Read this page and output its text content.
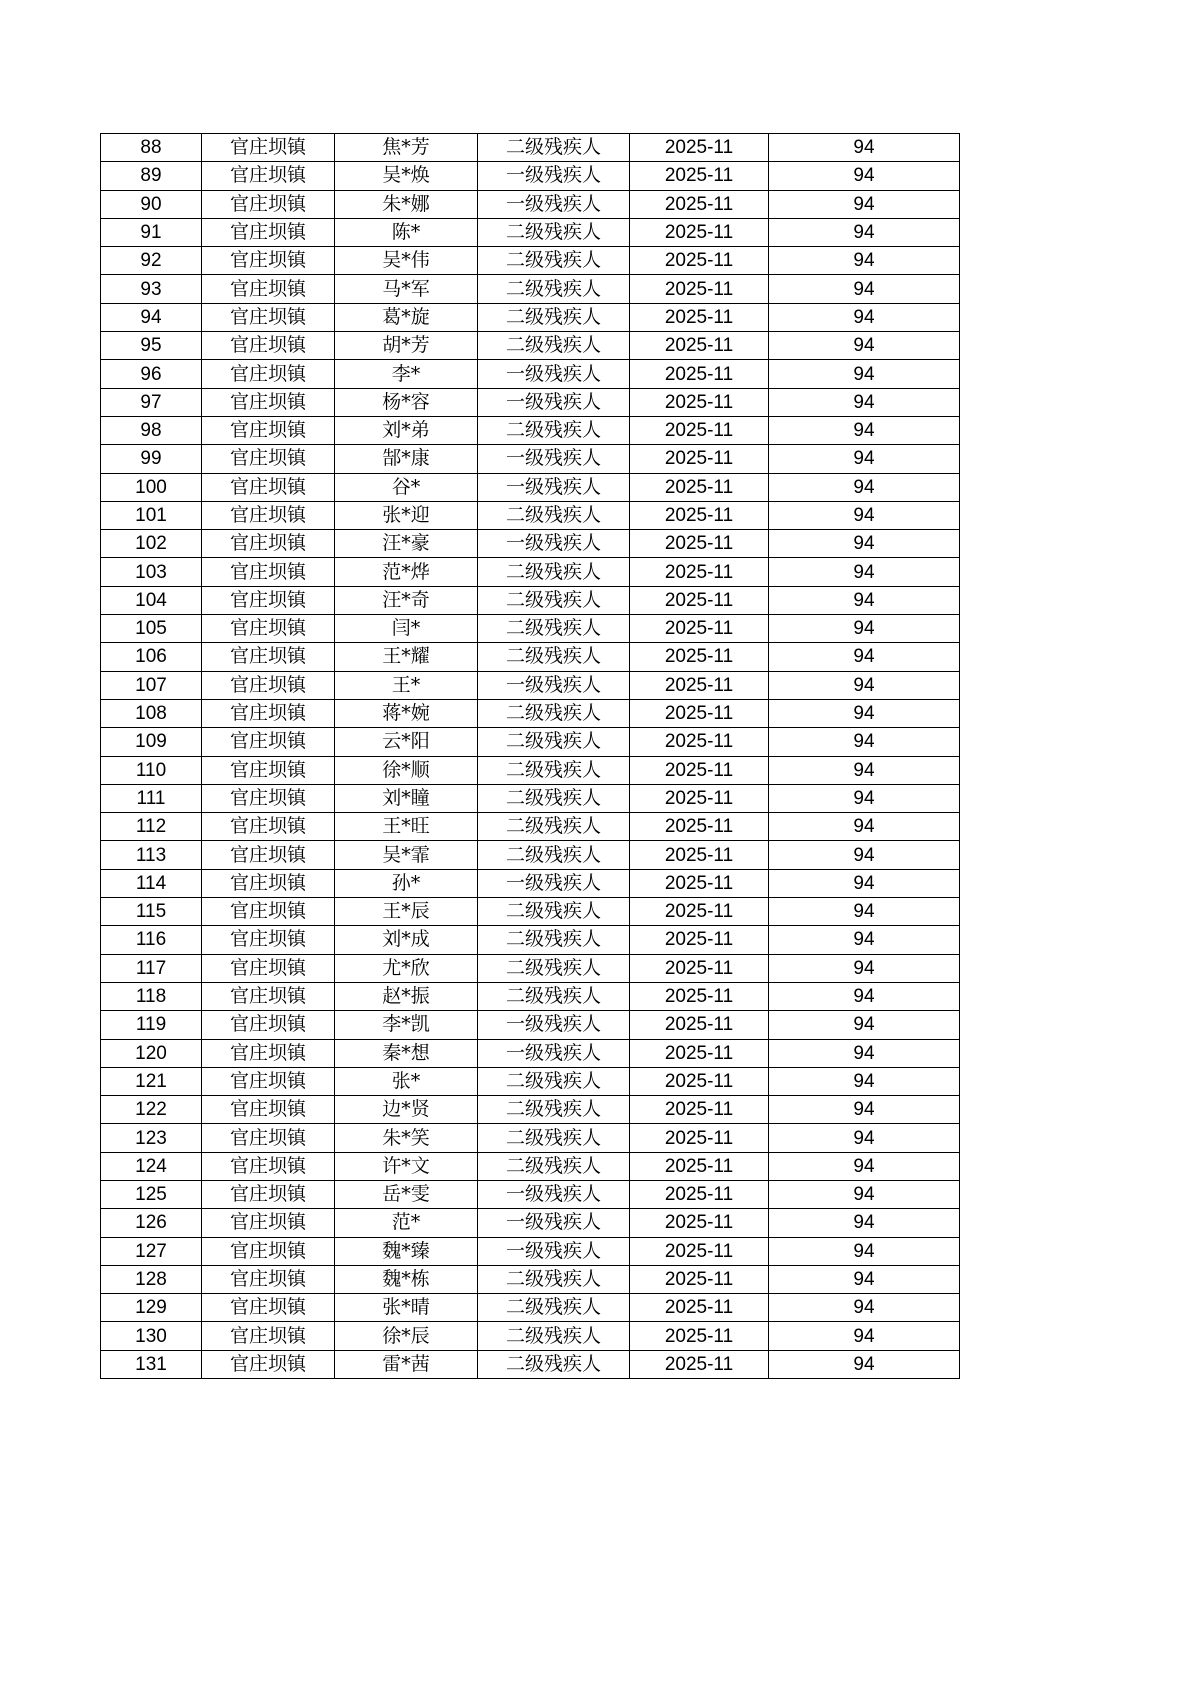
88	官庄坝镇	焦*芳	二级残疾人	2025-11	94
89	官庄坝镇	吴*焕	一级残疾人	2025-11	94
90	官庄坝镇	朱*娜	一级残疾人	2025-11	94
91	官庄坝镇	陈*	二级残疾人	2025-11	94
92	官庄坝镇	吴*伟	二级残疾人	2025-11	94
93	官庄坝镇	马*军	二级残疾人	2025-11	94
94	官庄坝镇	葛*旋	二级残疾人	2025-11	94
95	官庄坝镇	胡*芳	二级残疾人	2025-11	94
96	官庄坝镇	李*	一级残疾人	2025-11	94
97	官庄坝镇	杨*容	一级残疾人	2025-11	94
98	官庄坝镇	刘*弟	二级残疾人	2025-11	94
99	官庄坝镇	郜*康	一级残疾人	2025-11	94
100	官庄坝镇	谷*	一级残疾人	2025-11	94
101	官庄坝镇	张*迎	二级残疾人	2025-11	94
102	官庄坝镇	汪*豪	一级残疾人	2025-11	94
103	官庄坝镇	范*烨	二级残疾人	2025-11	94
104	官庄坝镇	汪*奇	二级残疾人	2025-11	94
105	官庄坝镇	闫*	二级残疾人	2025-11	94
106	官庄坝镇	王*耀	二级残疾人	2025-11	94
107	官庄坝镇	王*	一级残疾人	2025-11	94
108	官庄坝镇	蒋*婉	二级残疾人	2025-11	94
109	官庄坝镇	云*阳	二级残疾人	2025-11	94
110	官庄坝镇	徐*顺	二级残疾人	2025-11	94
111	官庄坝镇	刘*瞳	二级残疾人	2025-11	94
112	官庄坝镇	王*旺	二级残疾人	2025-11	94
113	官庄坝镇	吴*霏	二级残疾人	2025-11	94
114	官庄坝镇	孙*	一级残疾人	2025-11	94
115	官庄坝镇	王*辰	二级残疾人	2025-11	94
116	官庄坝镇	刘*成	二级残疾人	2025-11	94
117	官庄坝镇	尤*欣	二级残疾人	2025-11	94
118	官庄坝镇	赵*振	二级残疾人	2025-11	94
119	官庄坝镇	李*凯	一级残疾人	2025-11	94
120	官庄坝镇	秦*想	一级残疾人	2025-11	94
121	官庄坝镇	张*	二级残疾人	2025-11	94
122	官庄坝镇	边*贤	二级残疾人	2025-11	94
123	官庄坝镇	朱*笑	二级残疾人	2025-11	94
124	官庄坝镇	许*文	二级残疾人	2025-11	94
125	官庄坝镇	岳*雯	一级残疾人	2025-11	94
126	官庄坝镇	范*	一级残疾人	2025-11	94
127	官庄坝镇	魏*臻	一级残疾人	2025-11	94
128	官庄坝镇	魏*栋	二级残疾人	2025-11	94
129	官庄坝镇	张*晴	二级残疾人	2025-11	94
130	官庄坝镇	徐*辰	二级残疾人	2025-11	94
131	官庄坝镇	雷*茜	二级残疾人	2025-11	94
